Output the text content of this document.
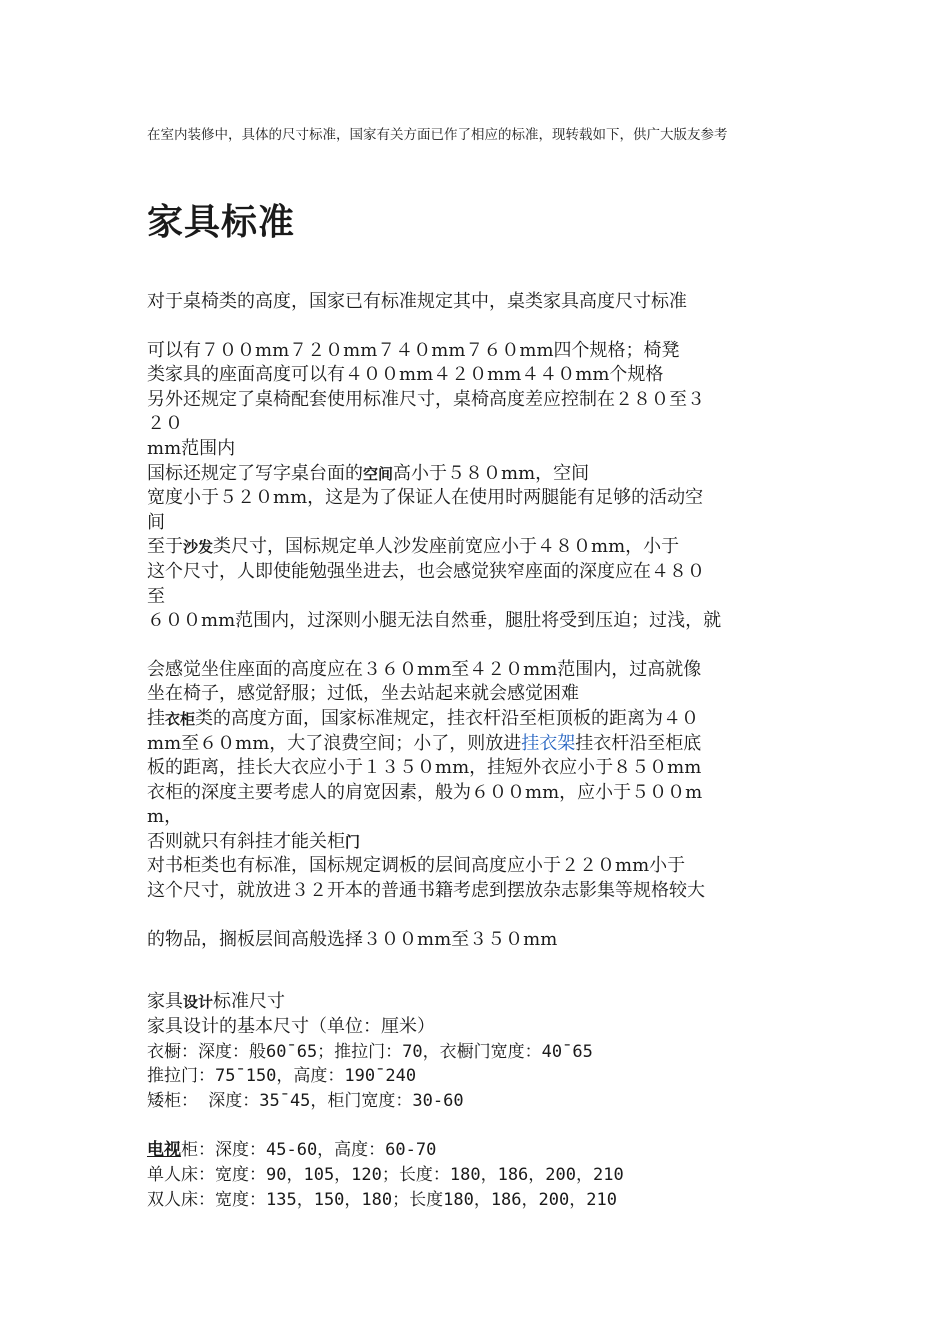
在室内装修中，具体的尺寸标准，国家有关方面已作了相应的标准，现转载如下，供广大版友参考

家具标准
对于桌椅类的高度，国家已有标准规定其中，桌类家具高度尺寸标准
可以有７００mm７２０mm７４０mm７６０mm四个规格；椅凳
类家具的座面高度可以有４００mm４２０mm４４０mm个规格
另外还规定了桌椅配套使用标准尺寸，桌椅高度差应控制在２８０至３
２０
mm范围内
国标还规定了写字桌台面的空间高小于５８０mm，空间
宽度小于５２０mm，这是为了保证人在使用时两腿能有足够的活动空
间
至于沙发类尺寸，国标规定单人沙发座前宽应小于４８０mm，小于
这个尺寸，人即使能勉强坐进去，也会感觉狭窄座面的深度应在４８０
至
６００mm范围内，过深则小腿无法自然垂，腿肚将受到压迫；过浅，就
会感觉坐住座面的高度应在３６０mm至４２０mm范围内，过高就像
坐在椅子，感觉舒服；过低，坐去站起来就会感觉困难
挂衣柜类的高度方面，国家标准规定，挂衣杆沿至柜顶板的距离为４０
mm至６０mm，大了浪费空间；小了，则放进挂衣架挂衣杆沿至柜底
板的距离，挂长大衣应小于１３５０mm，挂短外衣应小于８５０mm
衣柜的深度主要考虑人的肩宽因素，般为６００mm，应小于５００m
m，
否则就只有斜挂才能关柜门
对书柜类也有标准，国标规定调板的层间高度应小于２２０mm小于
这个尺寸，就放进３２开本的普通书籍考虑到摆放杂志影集等规格较大
的物品，搁板层间高般选择３００mm至３５０mm
家具设计标准尺寸
家具设计的基本尺寸（单位：厘米）
衣橱：深度：般60¯65；推拉门：70，衣橱门宽度：40¯65
推拉门：75¯150，高度：190¯240
矮柜： 深度：35¯45，柜门宽度：30-60
电视柜：深度：45-60，高度：60-70
单人床：宽度：90，105，120；长度：180，186，200，210
双人床：宽度：135，150，180；长度180，186，200，210
